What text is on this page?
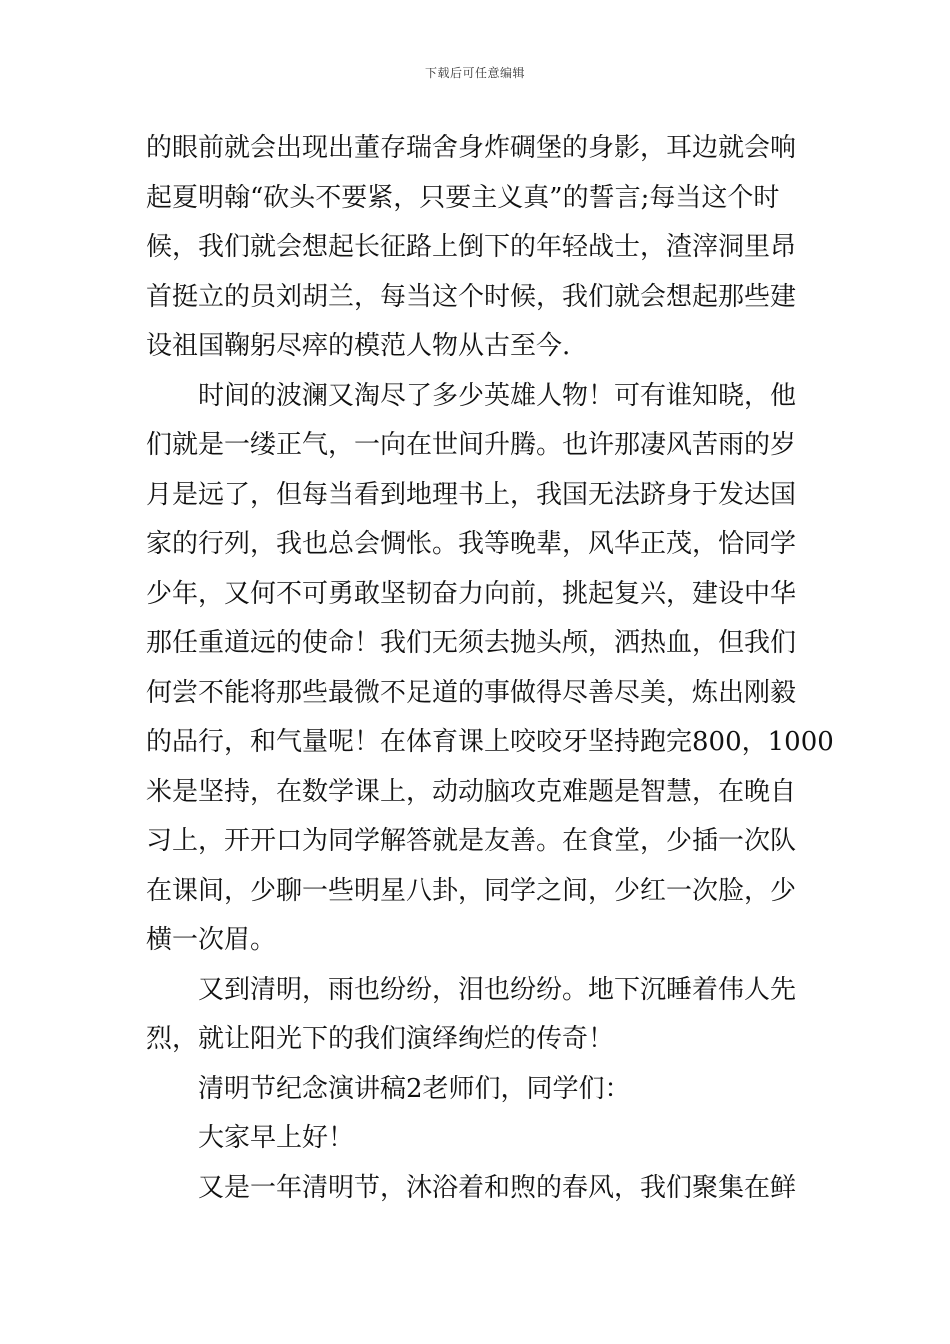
下载后可任意编辑
的眼前就会出现出董存瑞舍身炸碉堡的身影，耳边就会响
起夏明翰“砍头不要紧，只要主义真”的誓言;每当这个时
候，我们就会想起长征路上倒下的年轻战士，渣滓洞里昂
首挺立的员刘胡兰，每当这个时候，我们就会想起那些建
设祖国鞠躬尽瘁的模范人物从古至今.
时间的波澜又淘尽了多少英雄人物！可有谁知晓，他
们就是一缕正气，一向在世间升腾。也许那凄风苦雨的岁
月是远了，但每当看到地理书上，我国无法跻身于发达国
家的行列，我也总会惆怅。我等晚辈，风华正茂，恰同学
少年，又何不可勇敢坚韧奋力向前，挑起复兴，建设中华
那任重道远的使命！我们无须去抛头颅，洒热血，但我们
何尝不能将那些最微不足道的事做得尽善尽美，炼出刚毅
的品行，和气量呢！在体育课上咬咬牙坚持跑完800，1000
米是坚持，在数学课上，动动脑攻克难题是智慧，在晚自
习上，开开口为同学解答就是友善。在食堂，少插一次队
在课间，少聊一些明星八卦，同学之间，少红一次脸，少
横一次眉。
又到清明，雨也纷纷，泪也纷纷。地下沉睡着伟人先
烈，就让阳光下的我们演绎绚烂的传奇！
清明节纪念演讲稿2老师们，同学们：
大家早上好！
又是一年清明节，沐浴着和煦的春风，我们聚集在鲜
